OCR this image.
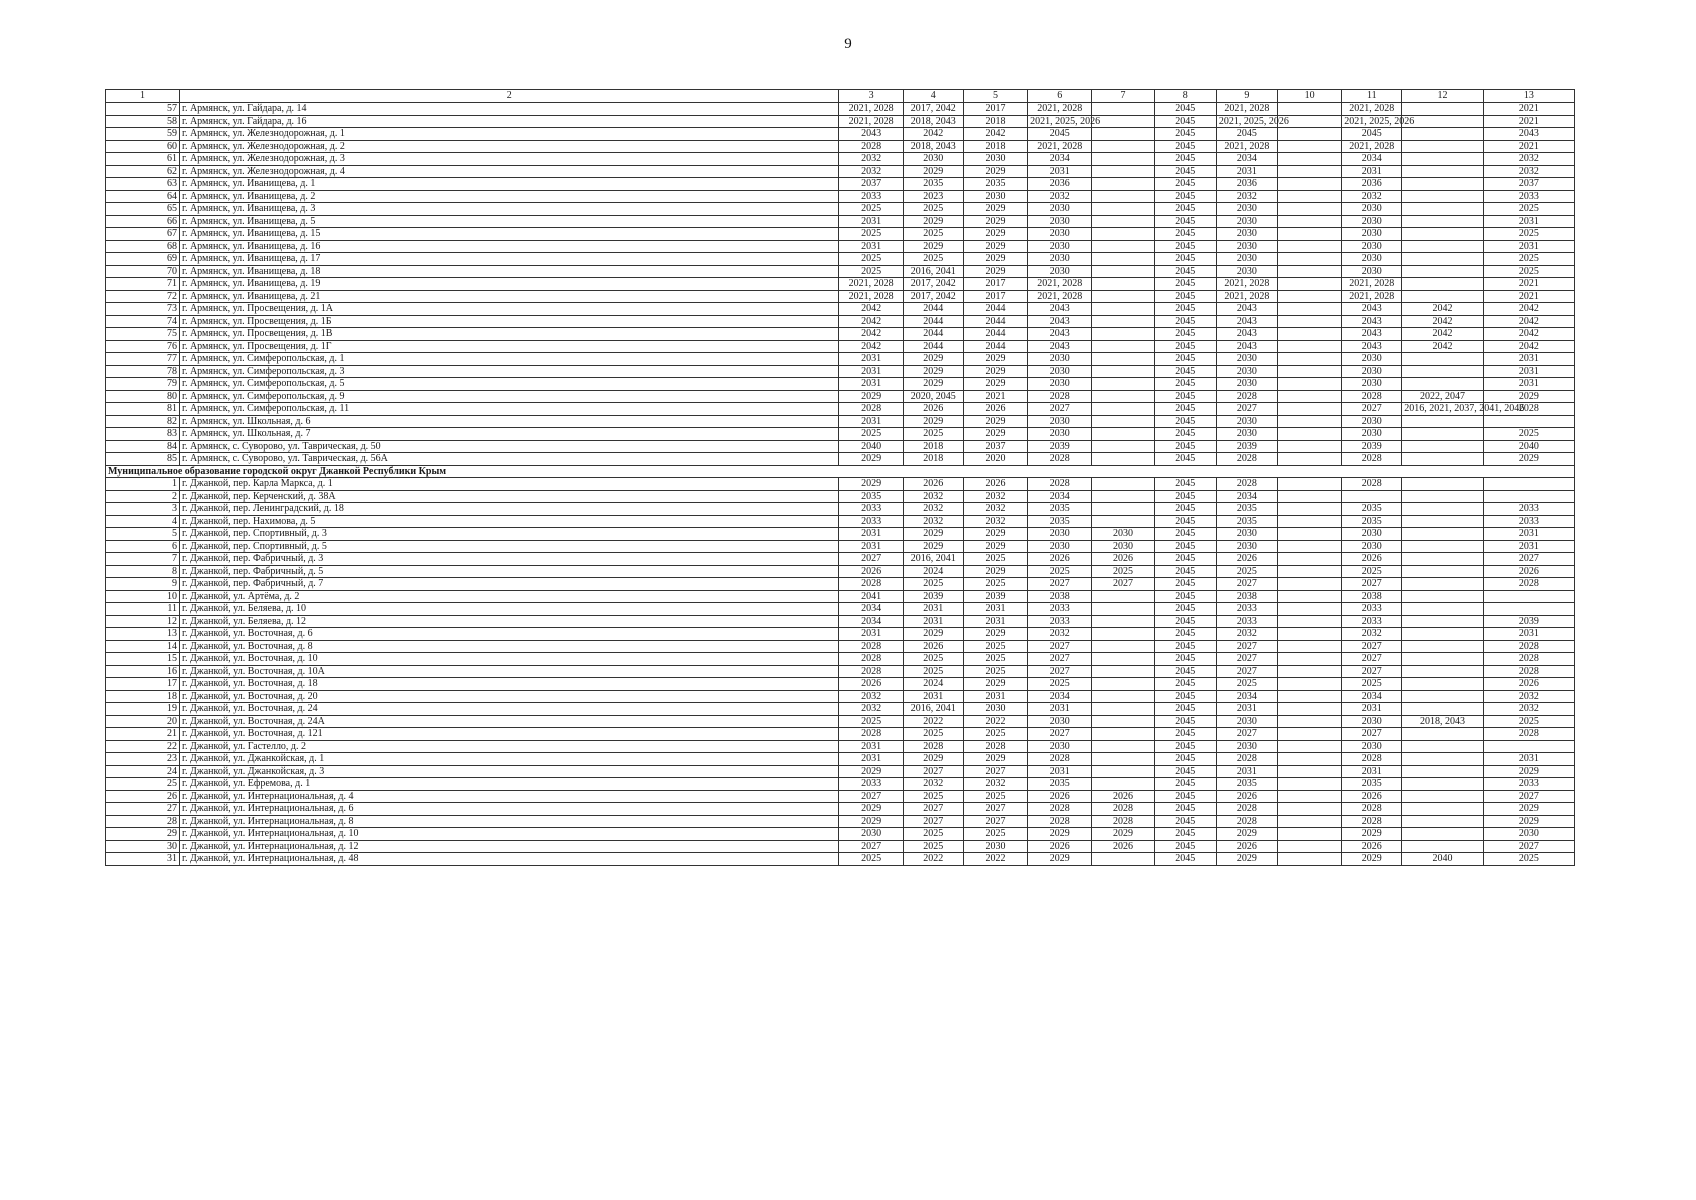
9
1	2	3	4	5	6	7	8	9	10	11	12	13
57	г. Армянск, ул. Гайдара, д. 14	2021, 2028	2017, 2042	2017	2021, 2028		2045	2021, 2028		2021, 2028		2021
58	г. Армянск, ул. Гайдара, д. 16	2021, 2028	2018, 2043	2018	2021, 2025, 2026		2045	2021, 2025, 2026		2021, 2025, 2026		2021
59	г. Армянск, ул. Железнодорожная, д. 1	2043	2042	2042	2045		2045	2045		2045		2043
60	г. Армянск, ул. Железнодорожная, д. 2	2028	2018, 2043	2018	2021, 2028		2045	2021, 2028		2021, 2028		2021
61	г. Армянск, ул. Железнодорожная, д. 3	2032	2030	2030	2034		2045	2034		2034		2032
62	г. Армянск, ул. Железнодорожная, д. 4	2032	2029	2029	2031		2045	2031		2031		2032
63	г. Армянск, ул. Иванищева, д. 1	2037	2035	2035	2036		2045	2036		2036		2037
64	г. Армянск, ул. Иванищева, д. 2	2033	2023	2030	2032		2045	2032		2032		2033
65	г. Армянск, ул. Иванищева, д. 3	2025	2025	2029	2030		2045	2030		2030		2025
66	г. Армянск, ул. Иванищева, д. 5	2031	2029	2029	2030		2045	2030		2030		2031
67	г. Армянск, ул. Иванищева, д. 15	2025	2025	2029	2030		2045	2030		2030		2025
68	г. Армянск, ул. Иванищева, д. 16	2031	2029	2029	2030		2045	2030		2030		2031
69	г. Армянск, ул. Иванищева, д. 17	2025	2025	2029	2030		2045	2030		2030		2025
70	г. Армянск, ул. Иванищева, д. 18	2025	2016, 2041	2029	2030		2045	2030		2030		2025
71	г. Армянск, ул. Иванищева, д. 19	2021, 2028	2017, 2042	2017	2021, 2028		2045	2021, 2028		2021, 2028		2021
72	г. Армянск, ул. Иванищева, д. 21	2021, 2028	2017, 2042	2017	2021, 2028		2045	2021, 2028		2021, 2028		2021
73	г. Армянск, ул. Просвещения, д. 1А	2042	2044	2044	2043		2045	2043		2043	2042	2042
74	г. Армянск, ул. Просвещения, д. 1Б	2042	2044	2044	2043		2045	2043		2043	2042	2042
75	г. Армянск, ул. Просвещения, д. 1В	2042	2044	2044	2043		2045	2043		2043	2042	2042
76	г. Армянск, ул. Просвещения, д. 1Г	2042	2044	2044	2043		2045	2043		2043	2042	2042
77	г. Армянск, ул. Симферопольская, д. 1	2031	2029	2029	2030		2045	2030		2030		2031
78	г. Армянск, ул. Симферопольская, д. 3	2031	2029	2029	2030		2045	2030		2030		2031
79	г. Армянск, ул. Симферопольская, д. 5	2031	2029	2029	2030		2045	2030		2030		2031
80	г. Армянск, ул. Симферопольская, д. 9	2029	2020, 2045	2021	2028		2045	2028		2028	2022, 2047	2029
81	г. Армянск, ул. Симферопольская, д. 11	2028	2026	2026	2027		2045	2027		2027	2016, 2021, 2037, 2041, 2046	2028
82	г. Армянск, ул. Школьная, д. 6	2031	2029	2029	2030		2045	2030		2030		
83	г. Армянск, ул. Школьная, д. 7	2025	2025	2029	2030		2045	2030		2030		2025
84	г. Армянск, с. Суворово, ул. Таврическая, д. 50	2040	2018	2037	2039		2045	2039		2039		2040
85	г. Армянск, с. Суворово, ул. Таврическая, д. 56А	2029	2018	2020	2028		2045	2028		2028		2029
Муниципальное образование городской округ Джанкой Республики Крым												
1	г. Джанкой, пер. Карла Маркса, д. 1	2029	2026	2026	2028		2045	2028		2028		
2	г. Джанкой, пер. Керченский, д. 38А	2035	2032	2032	2034		2045	2034				
3	г. Джанкой, пер. Ленинградский, д. 18	2033	2032	2032	2035		2045	2035		2035		2033
4	г. Джанкой, пер. Нахимова, д. 5	2033	2032	2032	2035		2045	2035		2035		2033
5	г. Джанкой, пер. Спортивный, д. 3	2031	2029	2029	2030	2030	2045	2030		2030		2031
6	г. Джанкой, пер. Спортивный, д. 5	2031	2029	2029	2030	2030	2045	2030		2030		2031
7	г. Джанкой, пер. Фабричный, д. 3	2027	2016, 2041	2025	2026	2026	2045	2026		2026		2027
8	г. Джанкой, пер. Фабричный, д. 5	2026	2024	2029	2025	2025	2045	2025		2025		2026
9	г. Джанкой, пер. Фабричный, д. 7	2028	2025	2025	2027	2027	2045	2027		2027		2028
10	г. Джанкой, ул. Артёма, д. 2	2041	2039	2039	2038		2045	2038		2038		
11	г. Джанкой, ул. Беляева, д. 10	2034	2031	2031	2033		2045	2033		2033		
12	г. Джанкой, ул. Беляева, д. 12	2034	2031	2031	2033		2045	2033		2033		2039
13	г. Джанкой, ул. Восточная, д. 6	2031	2029	2029	2032		2045	2032		2032		2031
14	г. Джанкой, ул. Восточная, д. 8	2028	2026	2025	2027		2045	2027		2027		2028
15	г. Джанкой, ул. Восточная, д. 10	2028	2025	2025	2027		2045	2027		2027		2028
16	г. Джанкой, ул. Восточная, д. 10А	2028	2025	2025	2027		2045	2027		2027		2028
17	г. Джанкой, ул. Восточная, д. 18	2026	2024	2029	2025		2045	2025		2025		2026
18	г. Джанкой, ул. Восточная, д. 20	2032	2031	2031	2034		2045	2034		2034		2032
19	г. Джанкой, ул. Восточная, д. 24	2032	2016, 2041	2030	2031		2045	2031		2031		2032
20	г. Джанкой, ул. Восточная, д. 24А	2025	2022	2022	2030		2045	2030		2030	2018, 2043	2025
21	г. Джанкой, ул. Восточная, д. 121	2028	2025	2025	2027		2045	2027		2027		2028
22	г. Джанкой, ул. Гастелло, д. 2	2031	2028	2028	2030		2045	2030		2030		
23	г. Джанкой, ул. Джанкойская, д. 1	2031	2029	2029	2028		2045	2028		2028		2031
24	г. Джанкой, ул. Джанкойская, д. 3	2029	2027	2027	2031		2045	2031		2031		2029
25	г. Джанкой, ул. Ефремова, д. 1	2033	2032	2032	2035		2045	2035		2035		2033
26	г. Джанкой, ул. Интернациональная, д. 4	2027	2025	2025	2026	2026	2045	2026		2026		2027
27	г. Джанкой, ул. Интернациональная, д. 6	2029	2027	2027	2028	2028	2045	2028		2028		2029
28	г. Джанкой, ул. Интернациональная, д. 8	2029	2027	2027	2028	2028	2045	2028		2028		2029
29	г. Джанкой, ул. Интернациональная, д. 10	2030	2025	2025	2029	2029	2045	2029		2029		2030
30	г. Джанкой, ул. Интернациональная, д. 12	2027	2025	2030	2026	2026	2045	2026		2026		2027
31	г. Джанкой, ул. Интернациональная, д. 48	2025	2022	2022	2029		2045	2029		2029	2040	2025
